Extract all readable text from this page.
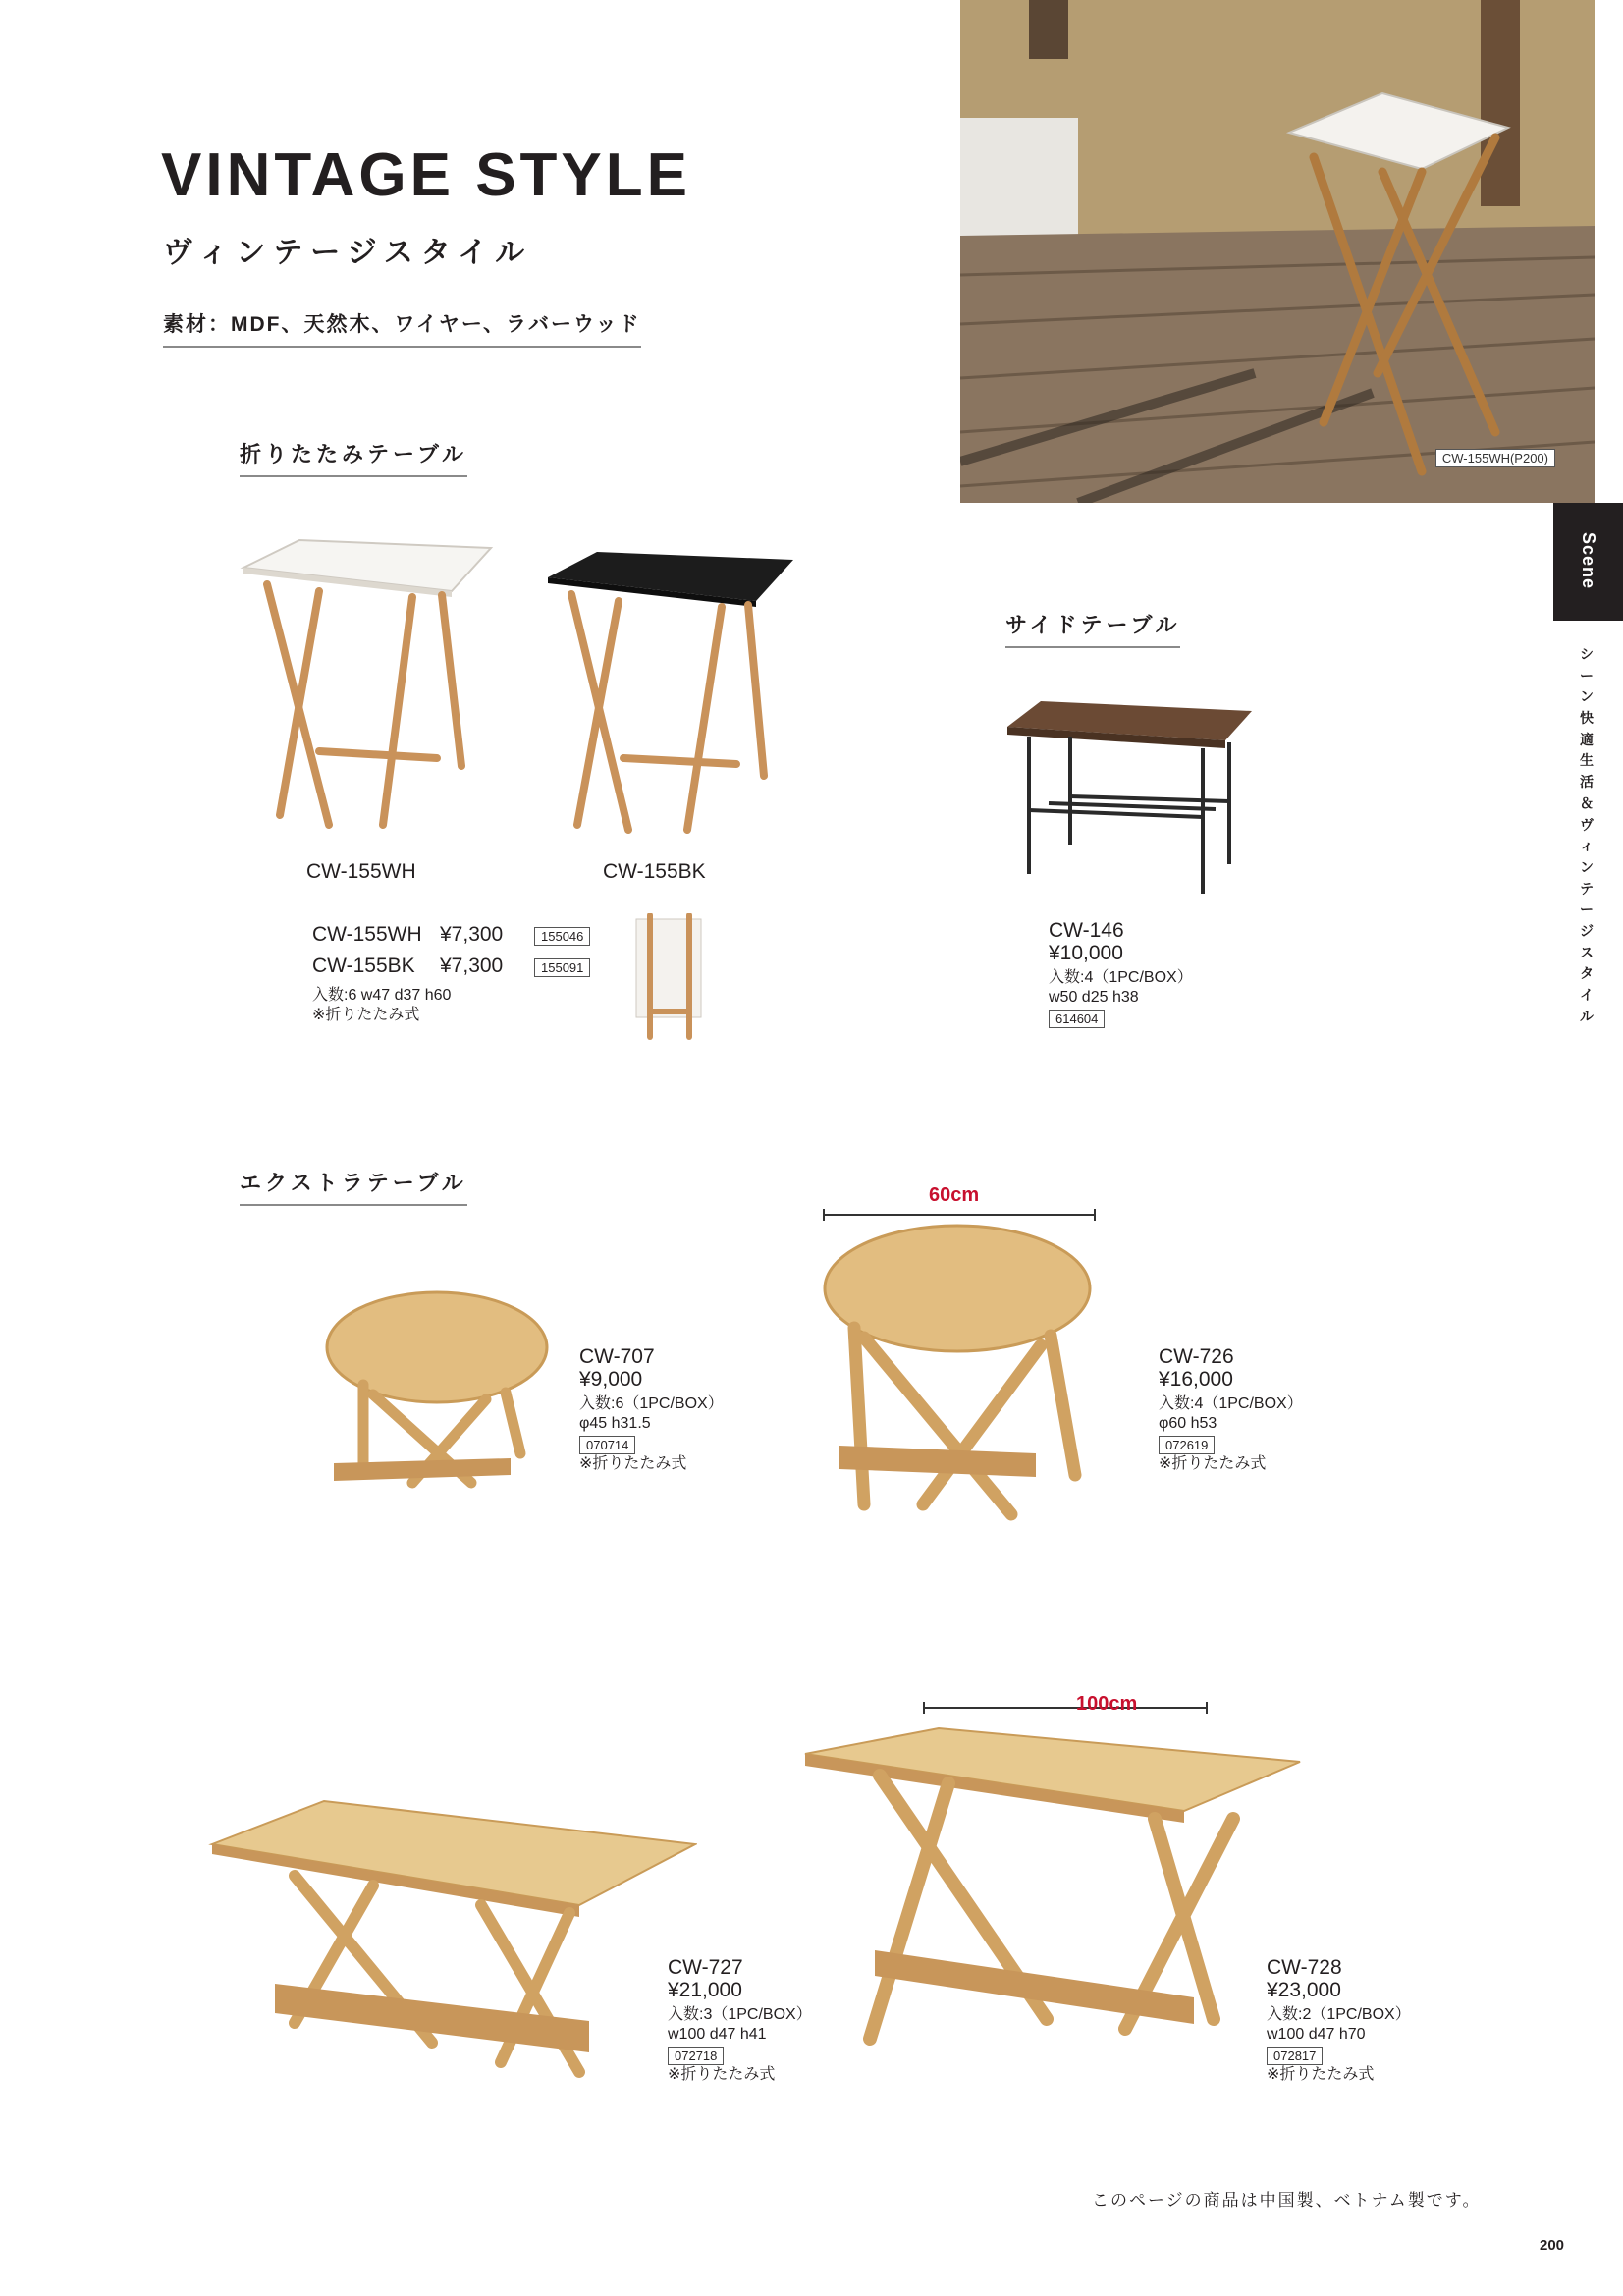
VINTAGE STYLE
ヴィンテージスタイル
素材：MDF、天然木、ワイヤー、ラバーウッド
CW-155WH(P200)
Scene
シーン 快適生活＆ヴィンテージスタイル
折りたたみテーブル
CW-155WH	CW-155BK
CW-155WH ¥7,300	155046
CW-155BK	¥7,300	155091
入数:6 w47 d37 h60
※折りたたみ式
サイドテーブル
CW-146
¥10,000
入数:4（1PC/BOX）
w50 d25 h38
614604
エクストラテーブル
CW-707
¥9,000
入数:6（1PC/BOX）
φ45 h31.5
070714
※折りたたみ式
60cm
CW-726
¥16,000
入数:4（1PC/BOX）
φ60 h53
072619
※折りたたみ式
CW-727
¥21,000
入数:3（1PC/BOX）
w100 d47 h41
072718
※折りたたみ式
100cm
CW-728
¥23,000
入数:2（1PC/BOX）
w100 d47 h70
072817
※折りたたみ式
このページの商品は中国製、ベトナム製です。
200
